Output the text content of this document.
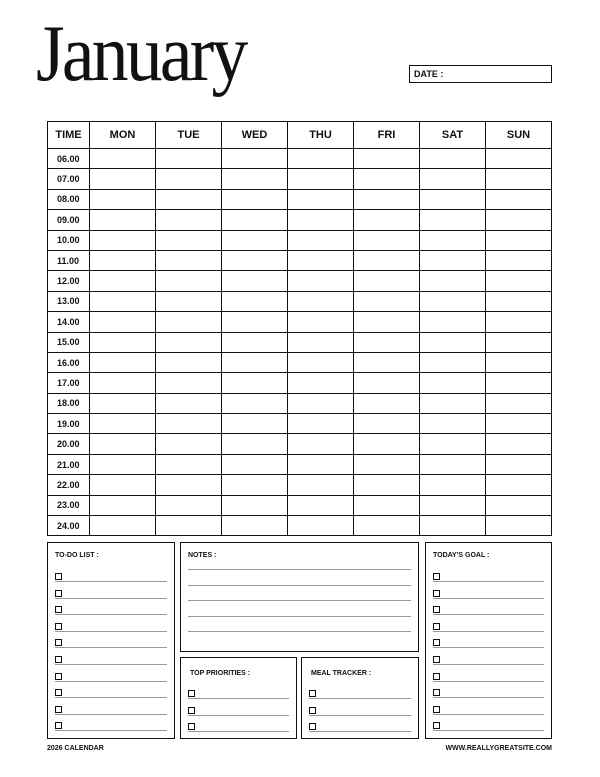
January	DATE :
TIME	MON	TUE	WED	THU	FRI	SAT	SUN
06.00							
07.00							
08.00							
09.00							
10.00							
11.00							
12.00							
13.00							
14.00							
15.00							
16.00							
17.00							
18.00							
19.00							
20.00							
21.00							
22.00							
23.00							
24.00							
TO-DO LIST :	NOTES :	TODAY'S GOAL :
TOP PRIORITIES :	MEAL TRACKER :
2026 CALENDAR	WWW.REALLYGREATSITE.COM
